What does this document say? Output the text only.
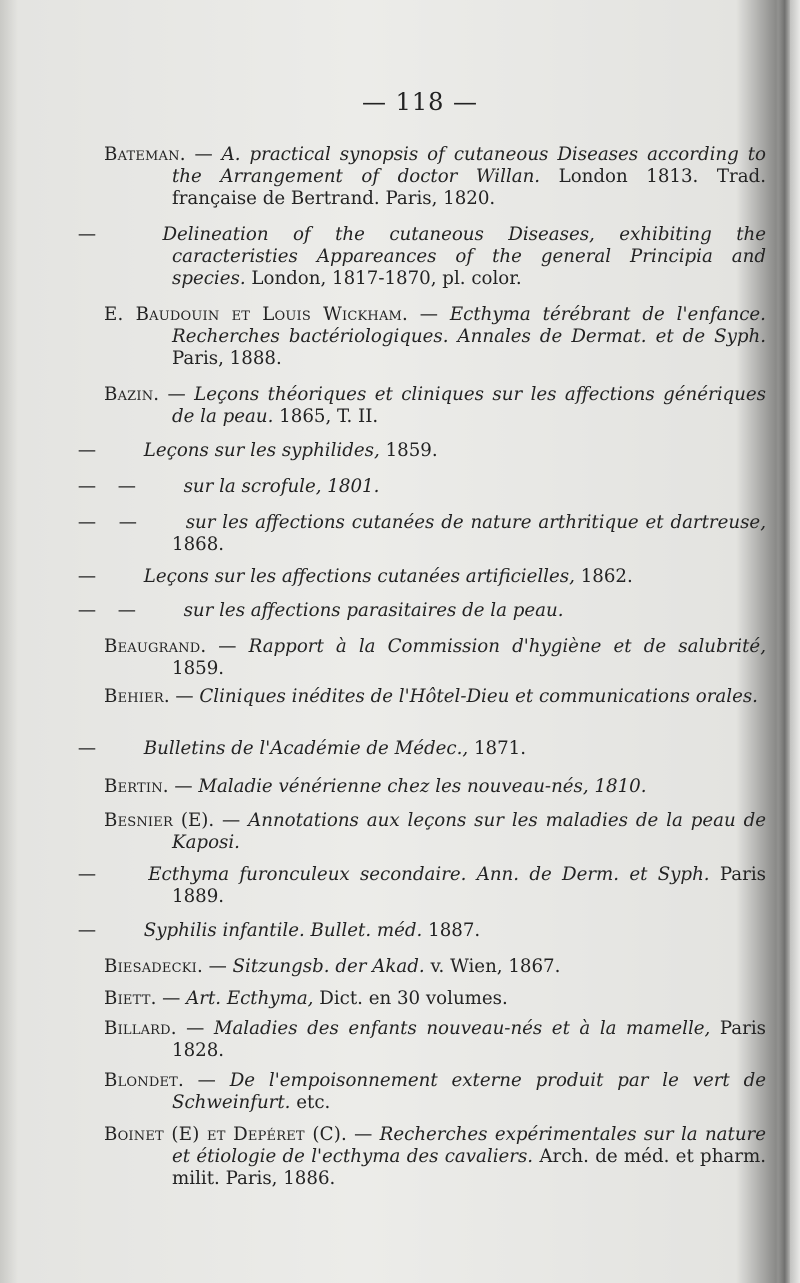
— 118 —
Bateman. — A. practical synopsis of cutaneous Diseases according to the Arrangement of doctor Willan. London 1813. Trad. française de Bertrand. Paris, 1820.
—	Delineation of the cutaneous Diseases, exhibiting the caracteristies Appareances of the general Principia and species. London, 1817-1870, pl. color.
E. Baudouin et Louis Wickham. — Ecthyma térébrant de l'enfance. Recherches bactériologiques. Annales de Dermat. et de Syph. Paris, 1888.
Bazin. — Leçons théoriques et cliniques sur les affections génériques de la peau. 1865, T. II.
—	Leçons sur les syphilides, 1859.
— —	sur la scrofule, 1801.
— —	sur les affections cutanées de nature arthritique et dartreuse, 1868.
—	Leçons sur les affections cutanées artificielles, 1862.
— —	sur les affections parasitaires de la peau.
Beaugrand. — Rapport à la Commission d'hygiène et de salubrité, 1859.
Behier. — Cliniques inédites de l'Hôtel-Dieu et communications orales.
—	Bulletins de l'Académie de Médec., 1871.
Bertin. — Maladie vénérienne chez les nouveau-nés, 1810.
Besnier (E). — Annotations aux leçons sur les maladies de la peau de Kaposi.
—	Ecthyma furonculeux secondaire. Ann. de Derm. et Syph. Paris 1889.
—	Syphilis infantile. Bullet. méd. 1887.
Biesadecki. — Sitzungsb. der Akad. v. Wien, 1867.
Biett. — Art. Ecthyma, Dict. en 30 volumes.
Billard. — Maladies des enfants nouveau-nés et à la mamelle, Paris 1828.
Blondet. — De l'empoisonnement externe produit par le vert de Schweinfurt. etc.
Boinet (E) et Depéret (C). — Recherches expérimentales sur la nature et étiologie de l'ecthyma des cavaliers. Arch. de méd. et pharm. milit. Paris, 1886.
